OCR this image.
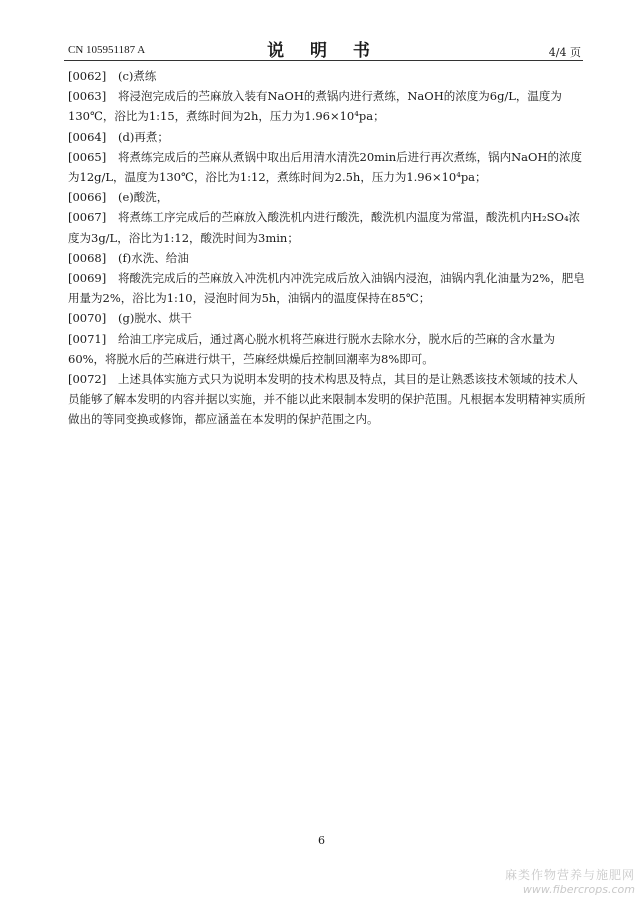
CN 105951187 A	说 明 书	4/4 页
[0062] (c)煮练
[0063] 将浸泡完成后的苎麻放入装有NaOH的煮锅内进行煮练，NaOH的浓度为6g/L，温度为130℃，浴比为1:15，煮练时间为2h，压力为1.96×10⁴pa；
[0064] (d)再煮；
[0065] 将煮练完成后的苎麻从煮锅中取出后用清水清洗20min后进行再次煮练，锅内NaOH的浓度为12g/L，温度为130℃，浴比为1:12，煮练时间为2.5h，压力为1.96×10⁴pa；
[0066] (e)酸洗，
[0067] 将煮练工序完成后的苎麻放入酸洗机内进行酸洗，酸洗机内温度为常温，酸洗机内H₂SO₄浓度为3g/L，浴比为1:12，酸洗时间为3min；
[0068] (f)水洗、给油
[0069] 将酸洗完成后的苎麻放入冲洗机内冲洗完成后放入油锅内浸泡，油锅内乳化油量为2%，肥皂用量为2%，浴比为1:10，浸泡时间为5h，油锅内的温度保持在85℃；
[0070] (g)脱水、烘干
[0071] 给油工序完成后，通过离心脱水机将苎麻进行脱水去除水分，脱水后的苎麻的含水量为60%，将脱水后的苎麻进行烘干，苎麻经烘燥后控制回潮率为8%即可。
[0072] 上述具体实施方式只为说明本发明的技术构思及特点，其目的是让熟悉该技术领域的技术人员能够了解本发明的内容并据以实施，并不能以此来限制本发明的保护范围。凡根据本发明精神实质所做出的等同变换或修饰，都应涵盖在本发明的保护范围之内。
6
麻类作物营养与施肥网
www.fibercrops.com
